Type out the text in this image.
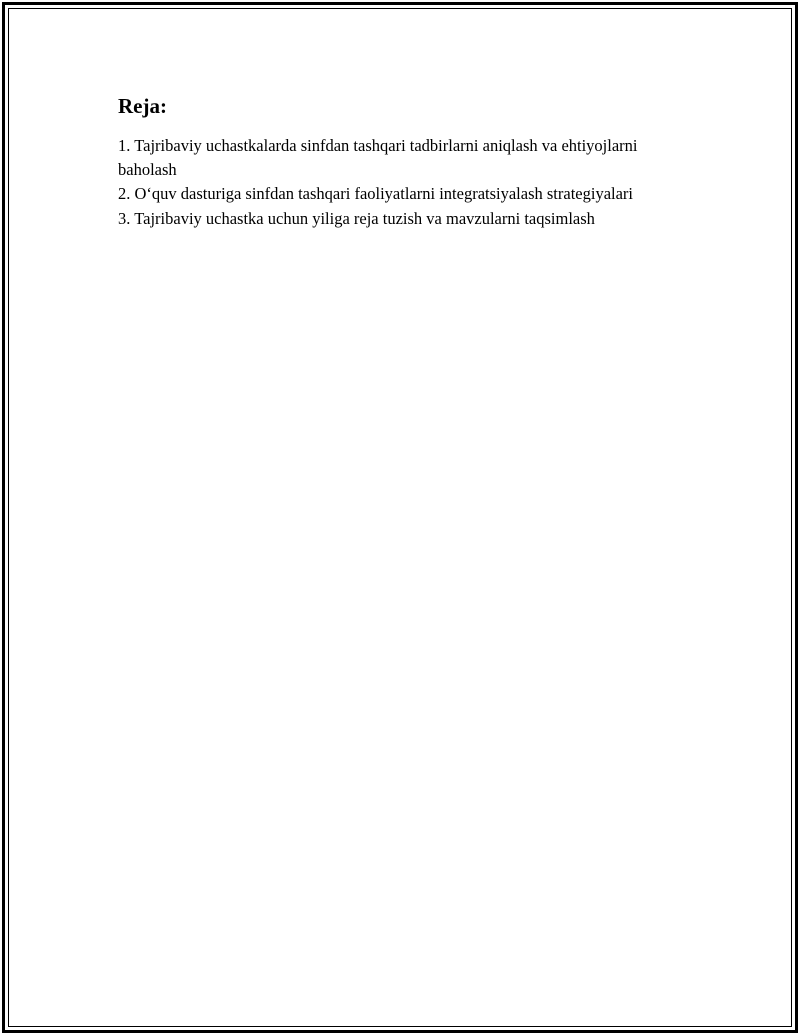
Reja:
1. Tajribaviy uchastkalarda sinfdan tashqari tadbirlarni aniqlash va ehtiyojlarni baholash
2. O‘quv dasturiga sinfdan tashqari faoliyatlarni integratsiyalash strategiyalari
3. Tajribaviy uchastka uchun yiliga reja tuzish va mavzularni taqsimlash
